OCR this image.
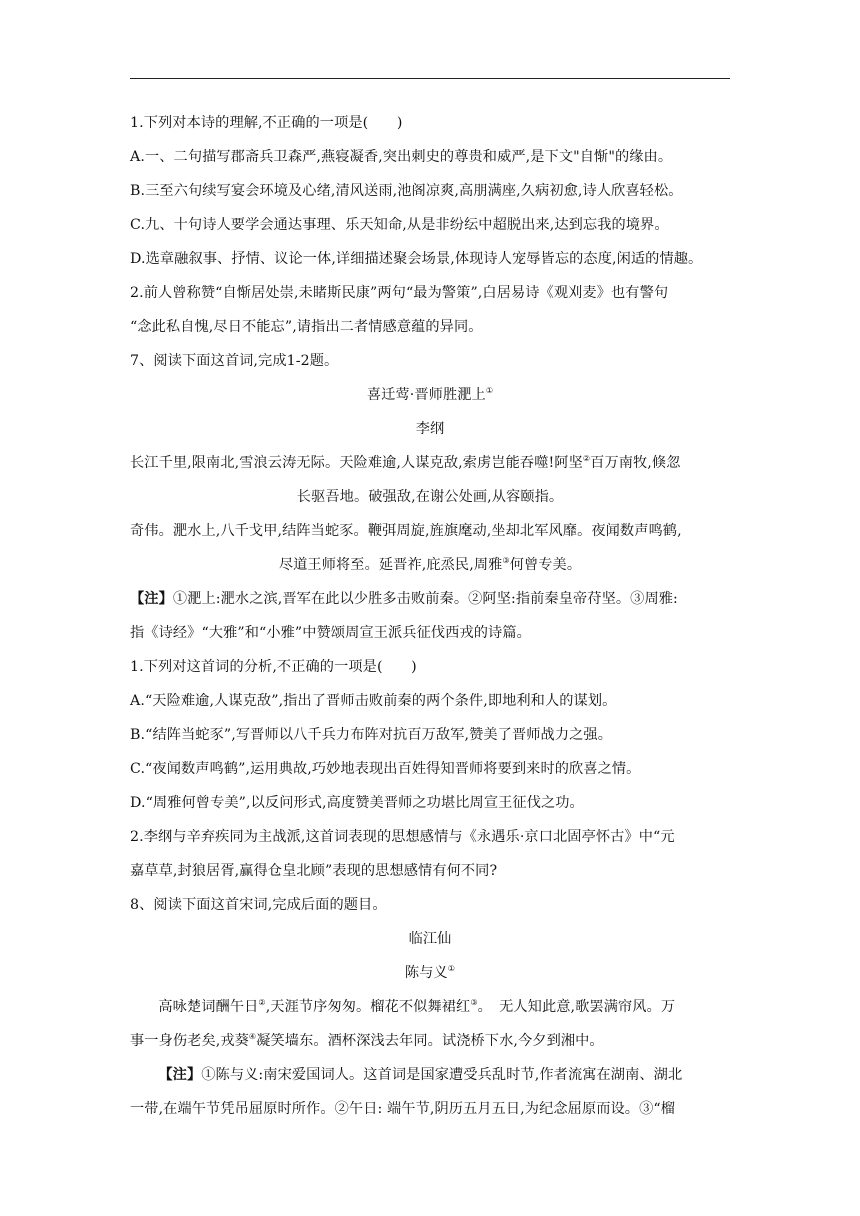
1.下列对本诗的理解,不正确的一项是(　　)
A.一、二句描写郡斋兵卫森严,燕寝凝香,突出刺史的尊贵和威严,是下文"自惭"的缘由。
B.三至六句续写宴会环境及心绪,清风送雨,池阁凉爽,高朋满座,久病初愈,诗人欣喜轻松。
C.九、十句诗人要学会通达事理、乐天知命,从是非纷纭中超脱出来,达到忘我的境界。
D.选章融叙事、抒情、议论一体,详细描述聚会场景,体现诗人宠辱皆忘的态度,闲适的情趣。
2.前人曾称赞“自惭居处崇,未睹斯民康”两句“最为警策”,白居易诗《观刈麦》也有警句
“念此私自愧,尽日不能忘”,请指出二者情感意蕴的异同。
7、阅读下面这首词,完成1-2题。
喜迁莺·晋师胜淝上①
李纲
长江千里,限南北,雪浪云涛无际。天险难逾,人谋克敌,索虏岂能吞噬!阿坚②百万南牧,倏忽
长驱吾地。破强敌,在谢公处画,从容颐指。
奇伟。淝水上,八千戈甲,结阵当蛇豕。鞭弭周旋,旌旗麾动,坐却北军风靡。夜闻数声鸣鹤,
尽道王师将至。延晋祚,庇烝民,周雅③何曾专美。
【注】①淝上:淝水之滨,晋军在此以少胜多击败前秦。②阿坚:指前秦皇帝苻坚。③周雅:
指《诗经》“大雅”和“小雅”中赞颂周宣王派兵征伐西戎的诗篇。
1.下列对这首词的分析,不正确的一项是(　　)
A.“天险难逾,人谋克敌”,指出了晋师击败前秦的两个条件,即地利和人的谋划。
B.“结阵当蛇豕”,写晋师以八千兵力布阵对抗百万敌军,赞美了晋师战力之强。
C.“夜闻数声鸣鹤”,运用典故,巧妙地表现出百姓得知晋师将要到来时的欣喜之情。
D.“周雅何曾专美”,以反问形式,高度赞美晋师之功堪比周宣王征伐之功。
2.李纲与辛弃疾同为主战派,这首词表现的思想感情与《永遇乐·京口北固亭怀古》中“元
嘉草草,封狼居胥,赢得仓皇北顾”表现的思想感情有何不同?
8、阅读下面这首宋词,完成后面的题目。
临江仙
陈与义①
高咏楚词酬午日②,天涯节序匆匆。榴花不似舞裙红③。　无人知此意,歌罢满帘风。万
事一身伤老矣,戎葵④凝笑墙东。酒杯深浅去年同。试浇桥下水,今夕到湘中。
【注】①陈与义:南宋爱国词人。这首词是国家遭受兵乱时节,作者流寓在湖南、湖北
一带,在端午节凭吊屈原时所作。②午日: 端午节,阴历五月五日,为纪念屈原而设。③“榴
